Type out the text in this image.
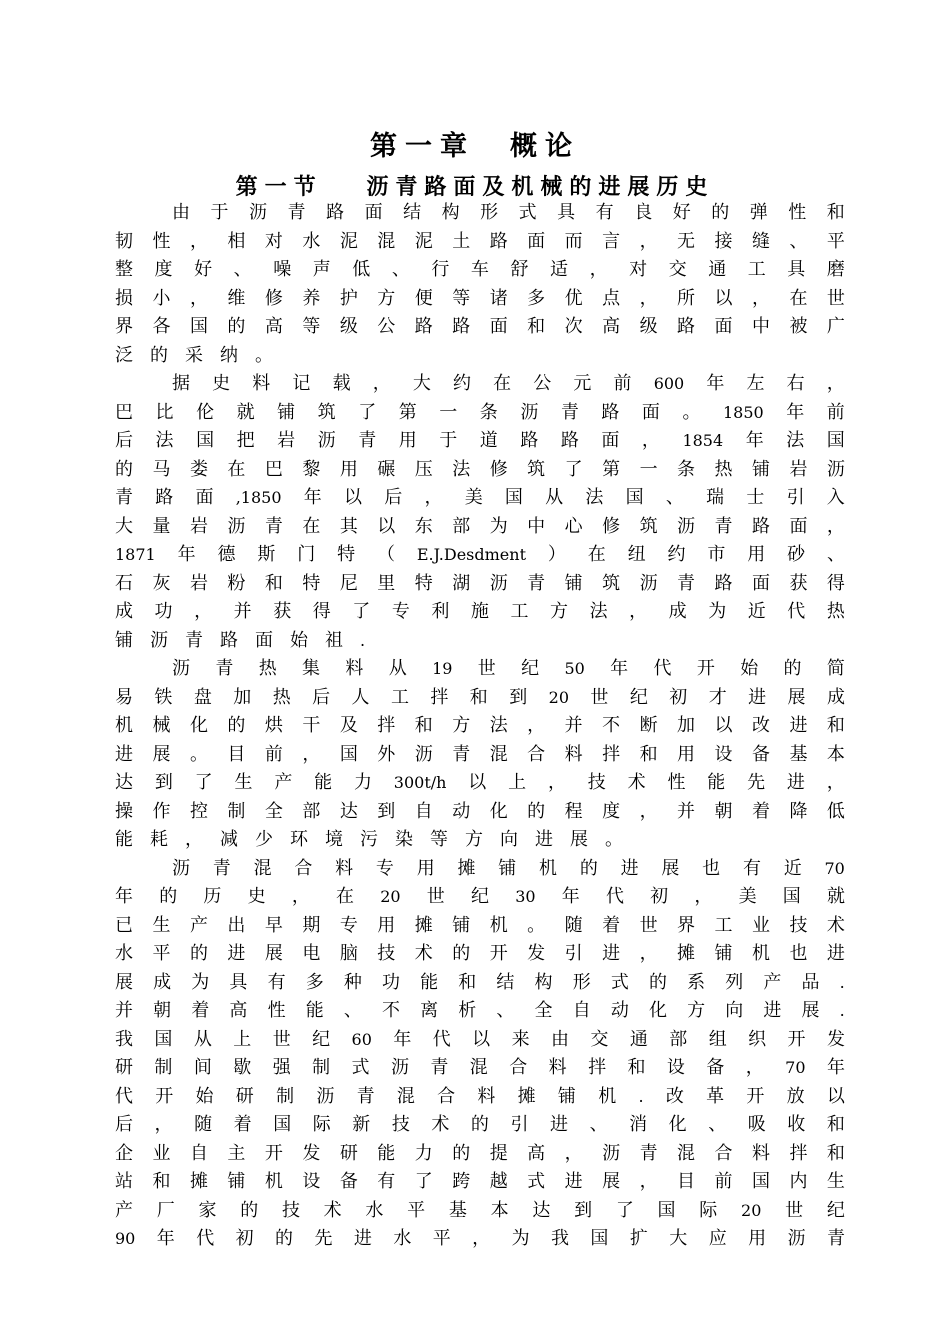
第一章　概论
第一节　 沥青路面及机械的进展历史
由 于 沥 青 路 面 结 构 形 式 具 有 良 好 的 弹 性 和
韧 性 ， 相 对 水 泥 混 泥 土 路 面 而 言 ， 无 接 缝 、 平
整 度 好 、 噪 声 低 、 行 车 舒 适 ， 对 交 通 工 具 磨
损 小 ， 维 修 养 护 方 便 等 诸 多 优 点 ， 所 以 ， 在 世
界 各 国 的 高 等 级 公 路 路 面 和 次 高 级 路 面 中 被 广
泛 的 采 纳 。
据 史 料 记 载 ， 大 约 在 公 元 前 600 年 左 右 ，
巴 比 伦 就 铺 筑 了 第 一 条 沥 青 路 面 。 1850 年 前
后 法 国 把 岩 沥 青 用 于 道 路 路 面 ， 1854 年 法 国
的 马 娄 在 巴 黎 用 碾 压 法 修 筑 了 第 一 条 热 铺 岩 沥
青 路 面 ,1850 年 以 后 ， 美 国 从 法 国 、 瑞 士 引 入
大 量 岩 沥 青 在 其 以 东 部 为 中 心 修 筑 沥 青 路 面 ，
1871 年 德 斯 门 特 （ E.J.Desdment ） 在 纽 约 市 用 砂 、
石 灰 岩 粉 和 特 尼 里 特 湖 沥 青 铺 筑 沥 青 路 面 获 得
成 功 ， 并 获 得 了 专 利 施 工 方 法 ， 成 为 近 代 热
铺 沥 青 路 面 始 祖 .
沥 青 热 集 料 从 19 世 纪 50 年 代 开 始 的 简
易 铁 盘 加 热 后 人 工 拌 和 到 20 世 纪 初 才 进 展 成
机 械 化 的 烘 干 及 拌 和 方 法 ， 并 不 断 加 以 改 进 和
进 展 。 目 前 ， 国 外 沥 青 混 合 料 拌 和 用 设 备 基 本
达 到 了 生 产 能 力 300t/h 以 上 ， 技 术 性 能 先 进 ，
操 作 控 制 全 部 达 到 自 动 化 的 程 度 ， 并 朝 着 降 低
能 耗 ， 减 少 环 境 污 染 等 方 向 进 展 。
沥 青 混 合 料 专 用 摊 铺 机 的 进 展 也 有 近 70
年 的 历 史 ， 在 20 世 纪 30 年 代 初 ， 美 国 就
已 生 产 出 早 期 专 用 摊 铺 机 。 随 着 世 界 工 业 技 术
水 平 的 进 展 电 脑 技 术 的 开 发 引 进 ， 摊 铺 机 也 进
展 成 为 具 有 多 种 功 能 和 结 构 形 式 的 系 列 产 品 .
并 朝 着 高 性 能 、 不 离 析 、 全 自 动 化 方 向 进 展 .
我 国 从 上 世 纪 60 年 代 以 来 由 交 通 部 组 织 开 发
研 制 间 歇 强 制 式 沥 青 混 合 料 拌 和 设 备 ， 70 年
代 开 始 研 制 沥 青 混 合 料 摊 铺 机 . 改 革 开 放 以
后 ， 随 着 国 际 新 技 术 的 引 进 、 消 化 、 吸 收 和
企 业 自 主 开 发 研 能 力 的 提 高 ， 沥 青 混 合 料 拌 和
站 和 摊 铺 机 设 备 有 了 跨 越 式 进 展 ， 目 前 国 内 生
产 厂 家 的 技 术 水 平 基 本 达 到 了 国 际 20 世 纪
90 年 代 初 的 先 进 水 平 ， 为 我 国 扩 大 应 用 沥 青
